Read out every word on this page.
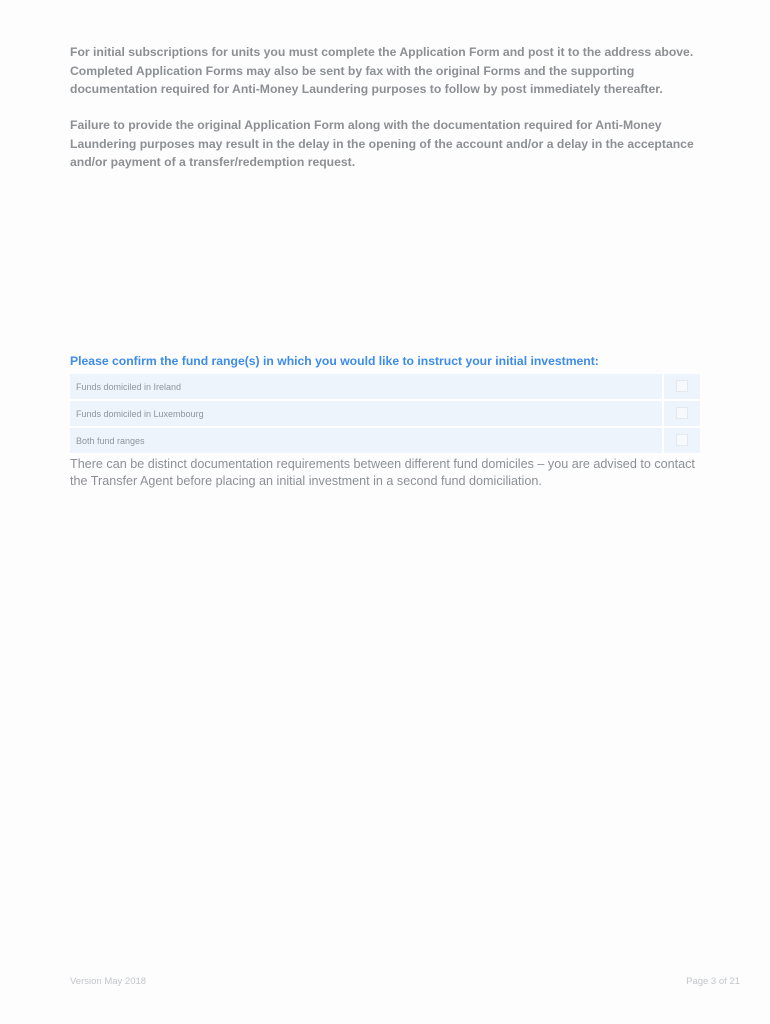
For initial subscriptions for units you must complete the Application Form and post it to the address above. Completed Application Forms may also be sent by fax with the original Forms and the supporting documentation required for Anti-Money Laundering purposes to follow by post immediately thereafter.

Failure to provide the original Application Form along with the documentation required for Anti-Money Laundering purposes may result in the delay in the opening of the account and/or a delay in the acceptance and/or payment of a transfer/redemption request.

Please confirm the fund range(s) in which you would like to instruct your initial investment:

Funds domiciled in Ireland	
Funds domiciled in Luxembourg	
Both fund ranges	

There can be distinct documentation requirements between different fund domiciles – you are advised to contact the Transfer Agent before placing an initial investment in a second fund domiciliation.

Version May 2018	Page 3 of 21
